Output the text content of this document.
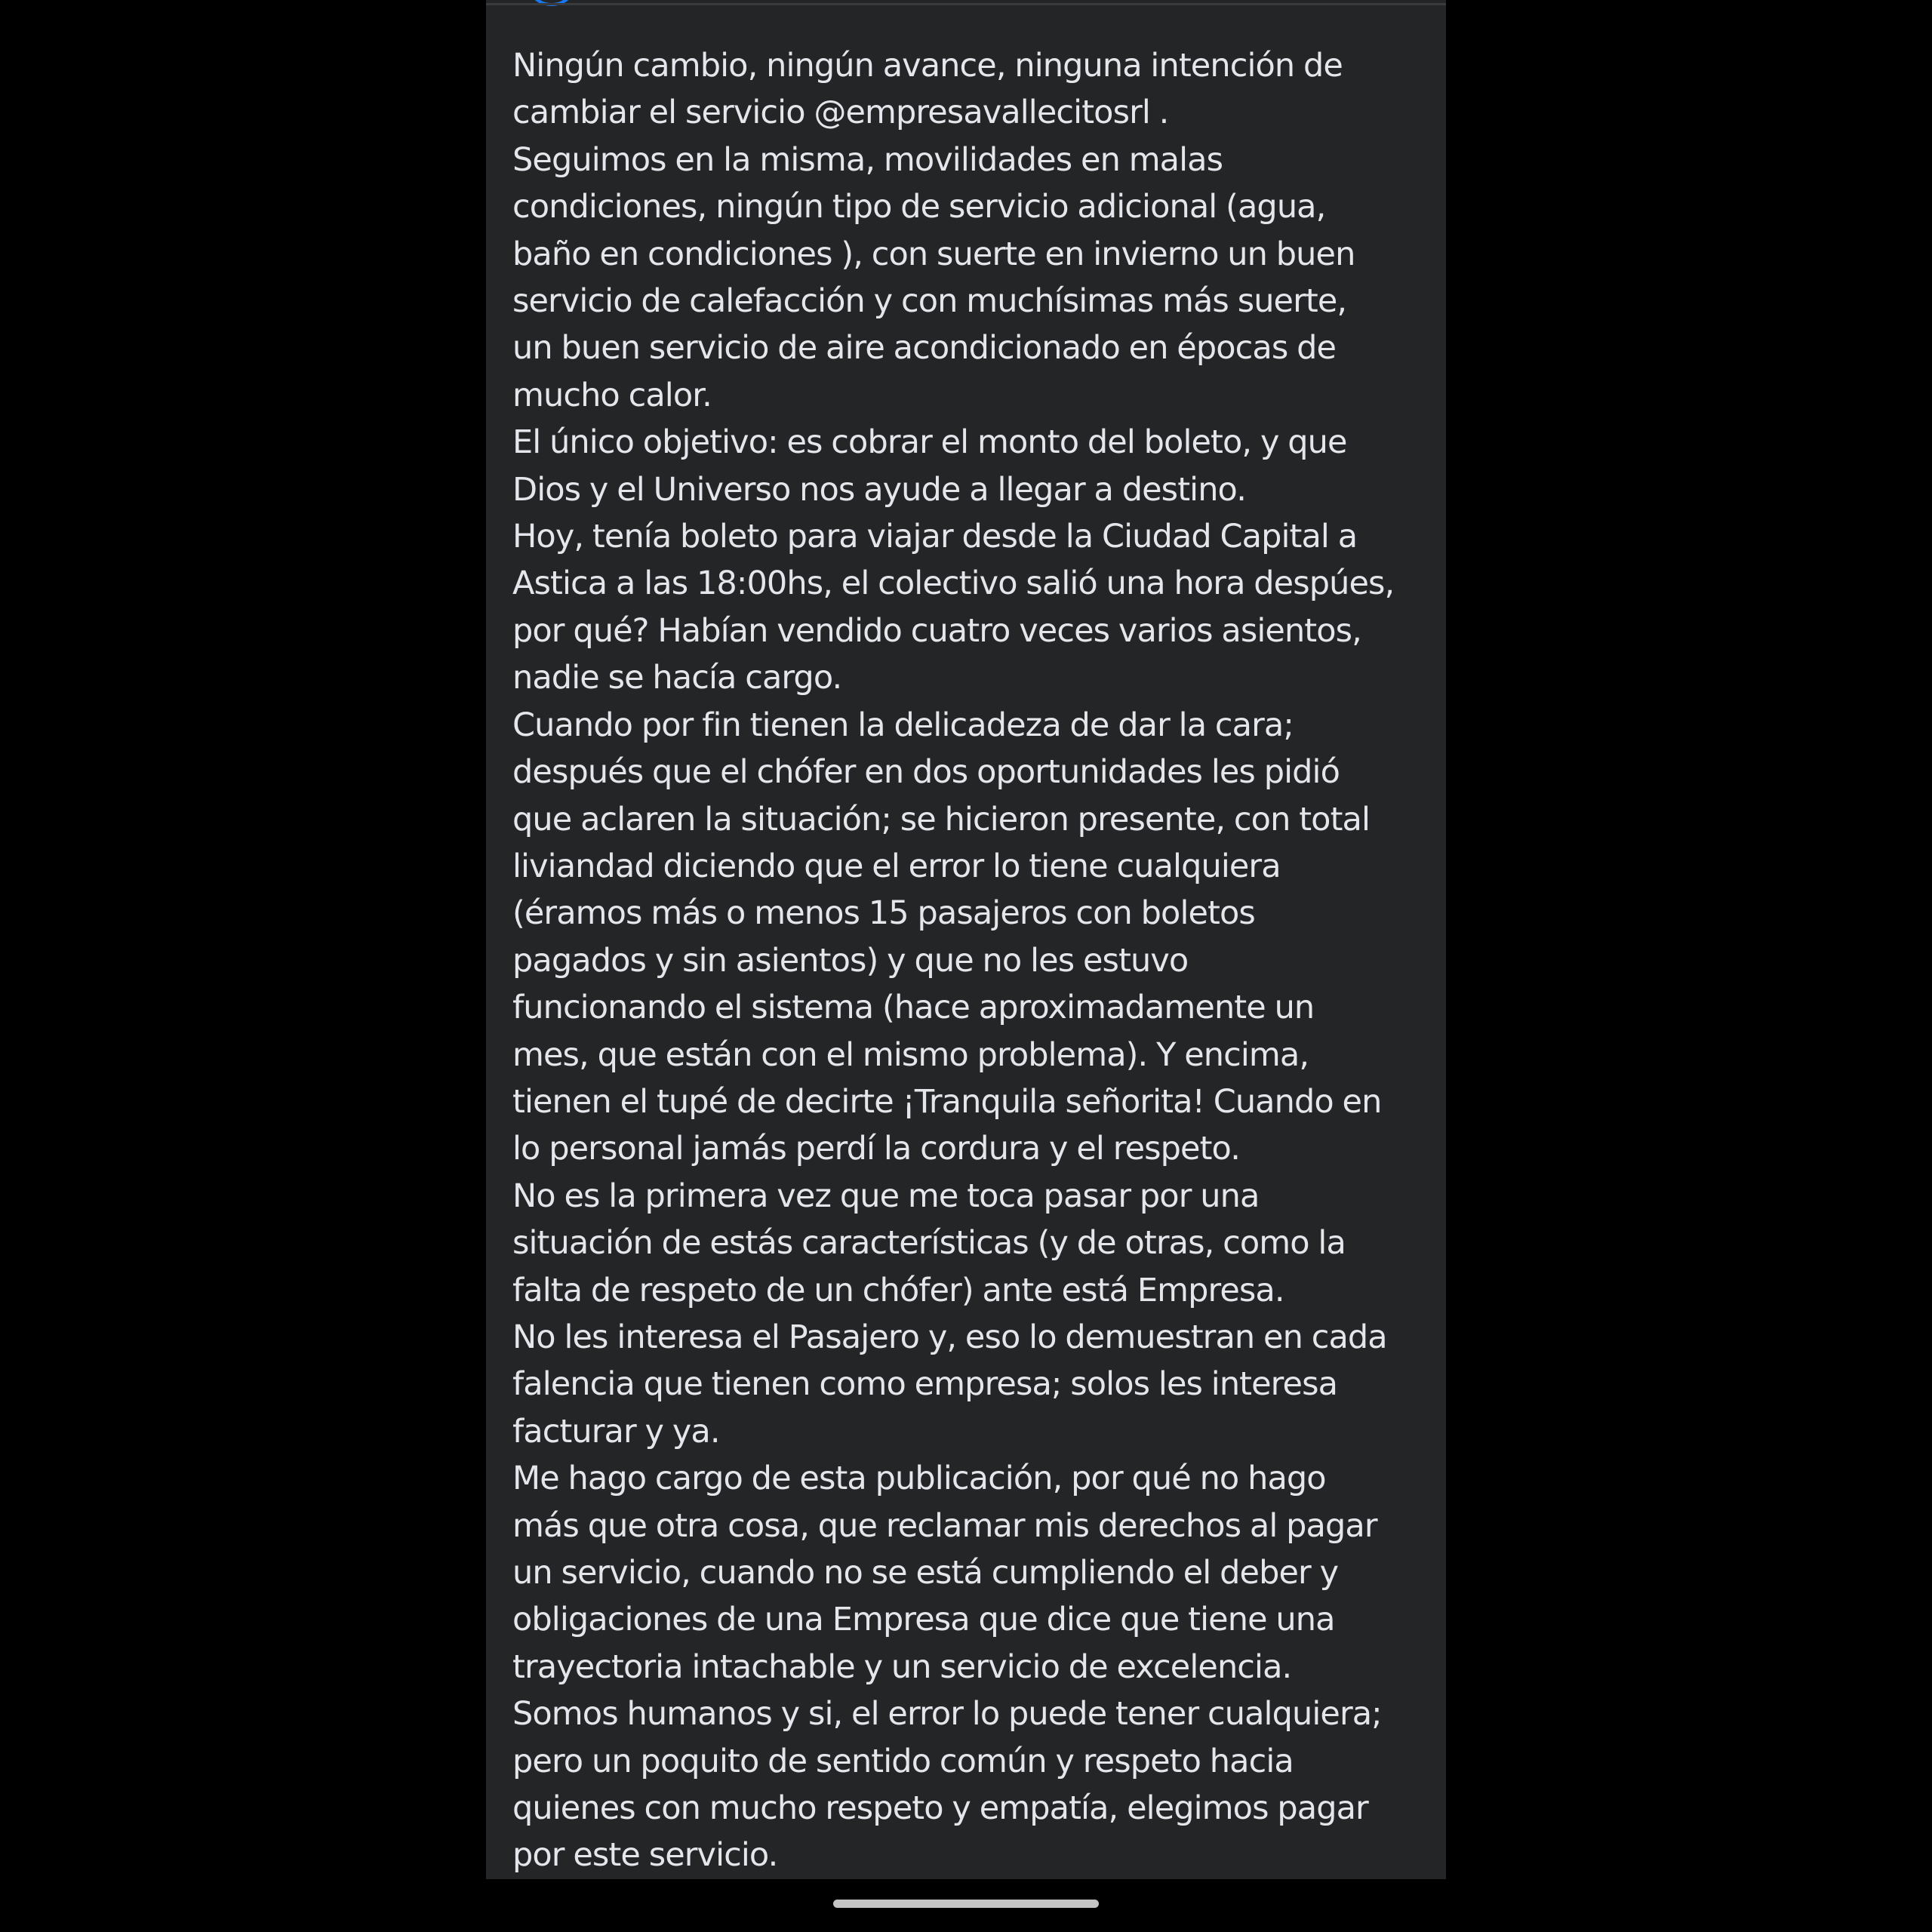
Ningún cambio, ningún avance, ninguna intención de
cambiar el servicio @empresavallecitosrl .
Seguimos en la misma, movilidades en malas
condiciones, ningún tipo de servicio adicional (agua,
baño en condiciones ), con suerte en invierno un buen
servicio de calefacción y con muchísimas más suerte,
un buen servicio de aire acondicionado en épocas de
mucho calor.
El único objetivo: es cobrar el monto del boleto, y que
Dios y el Universo nos ayude a llegar a destino.
Hoy, tenía boleto para viajar desde la Ciudad Capital a
Astica a las 18:00hs, el colectivo salió una hora despúes,
por qué? Habían vendido cuatro veces varios asientos,
nadie se hacía cargo.
Cuando por fin tienen la delicadeza de dar la cara;
después que el chófer en dos oportunidades les pidió
que aclaren la situación; se hicieron presente, con total
liviandad diciendo que el error lo tiene cualquiera
(éramos más o menos 15 pasajeros con boletos
pagados y sin asientos) y que no les estuvo
funcionando el sistema (hace aproximadamente un
mes, que están con el mismo problema). Y encima,
tienen el tupé de decirte ¡Tranquila señorita! Cuando en
lo personal jamás perdí la cordura y el respeto.
No es la primera vez que me toca pasar por una
situación de estás características (y de otras, como la
falta de respeto de un chófer) ante está Empresa.
No les interesa el Pasajero y, eso lo demuestran en cada
falencia que tienen como empresa; solos les interesa
facturar y ya.
Me hago cargo de esta publicación, por qué no hago
más que otra cosa, que reclamar mis derechos al pagar
un servicio, cuando no se está cumpliendo el deber y
obligaciones de una Empresa que dice que tiene una
trayectoria intachable y un servicio de excelencia.
Somos humanos y si, el error lo puede tener cualquiera;
pero un poquito de sentido común y respeto hacia
quienes con mucho respeto y empatía, elegimos pagar
por este servicio.
